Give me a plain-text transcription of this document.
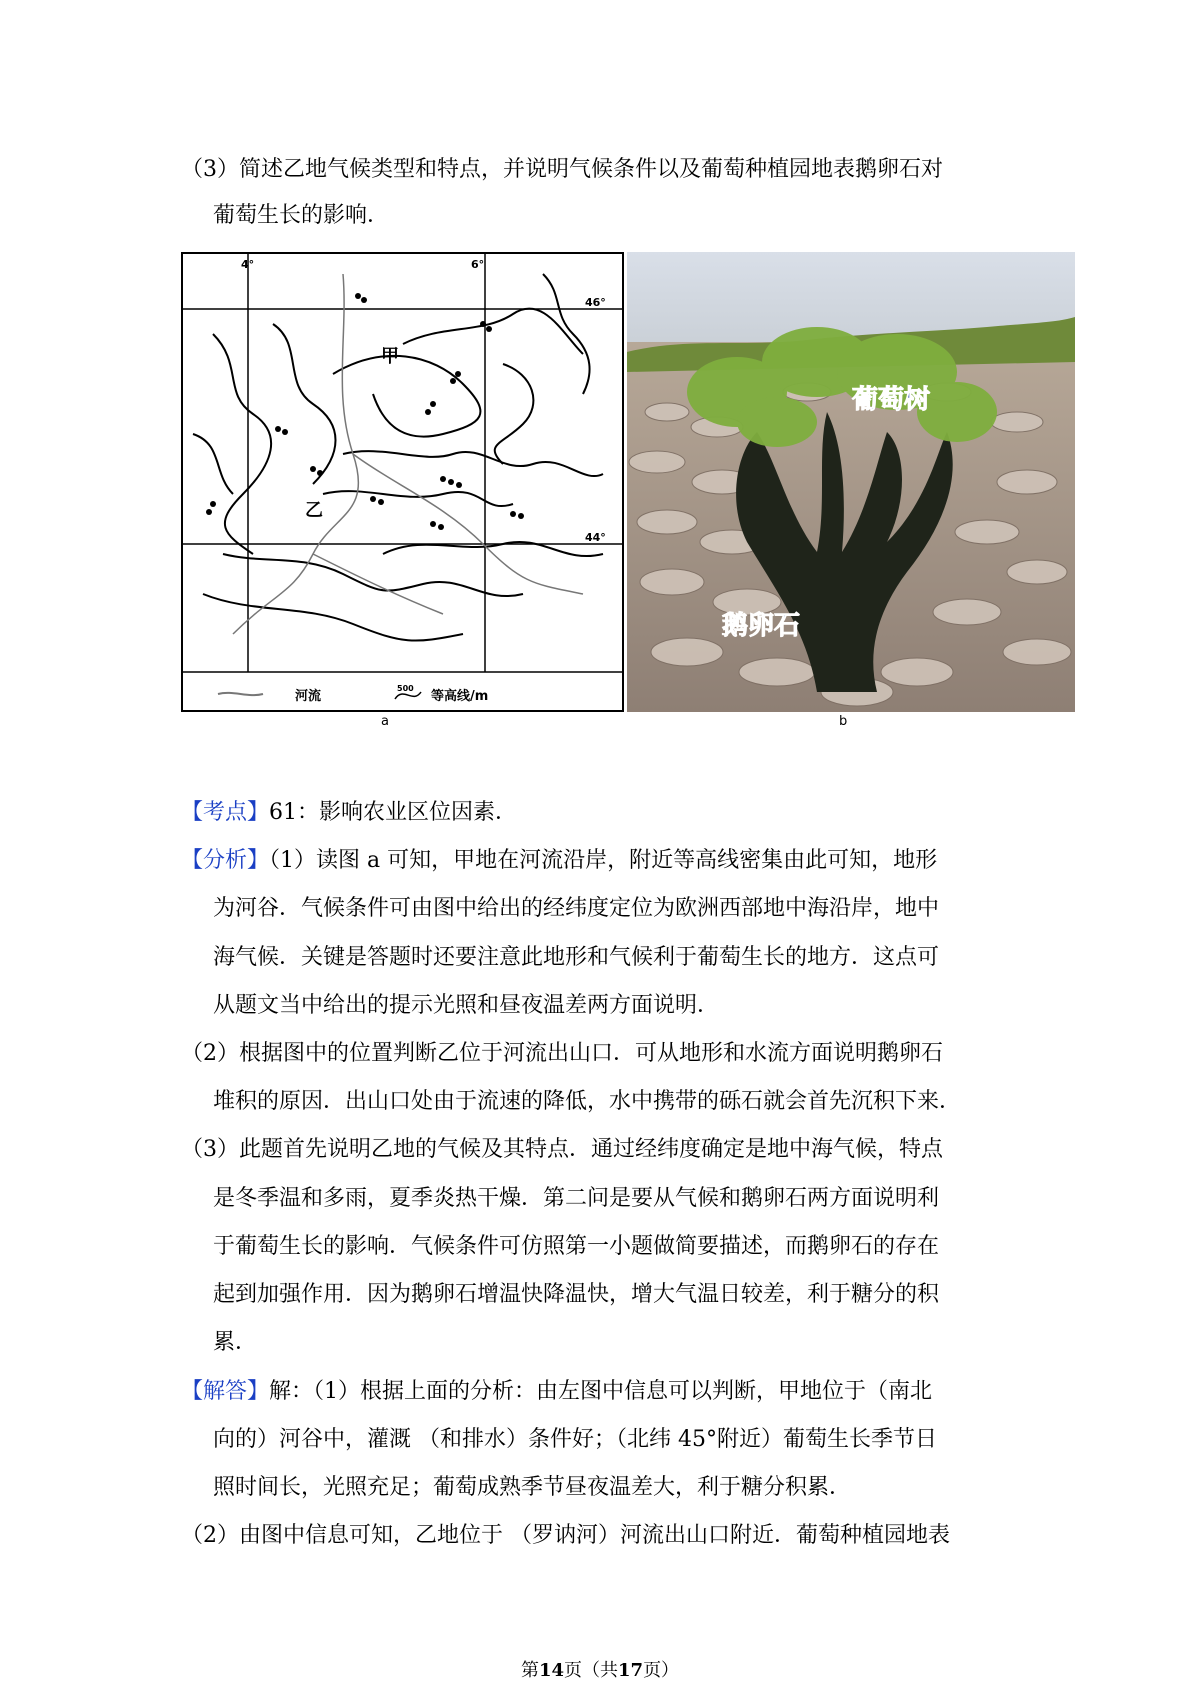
（3）简述乙地气候类型和特点，并说明气候条件以及葡萄种植园地表鹅卵石对
葡萄生长的影响．
4°	6°
46°
44°
甲
乙
河流
500
等高线/m
葡萄树
鹅卵石
a	b
【考点】61：影响农业区位因素．
【分析】（1）读图 a 可知，甲地在河流沿岸，附近等高线密集由此可知，地形
为河谷．气候条件可由图中给出的经纬度定位为欧洲西部地中海沿岸，地中
海气候．关键是答题时还要注意此地形和气候利于葡萄生长的地方．这点可
从题文当中给出的提示光照和昼夜温差两方面说明．
（2）根据图中的位置判断乙位于河流出山口．可从地形和水流方面说明鹅卵石
堆积的原因．出山口处由于流速的降低，水中携带的砾石就会首先沉积下来．
（3）此题首先说明乙地的气候及其特点．通过经纬度确定是地中海气候，特点
是冬季温和多雨，夏季炎热干燥．第二问是要从气候和鹅卵石两方面说明利
于葡萄生长的影响．气候条件可仿照第一小题做简要描述，而鹅卵石的存在
起到加强作用．因为鹅卵石增温快降温快，增大气温日较差，利于糖分的积
累．
【解答】解：（1）根据上面的分析：由左图中信息可以判断，甲地位于（南北
向的）河谷中，灌溉 （和排水）条件好；（北纬 45°附近）葡萄生长季节日
照时间长，光照充足；葡萄成熟季节昼夜温差大，利于糖分积累．
（2）由图中信息可知，乙地位于 （罗讷河）河流出山口附近．葡萄种植园地表
第14页（共17页）
